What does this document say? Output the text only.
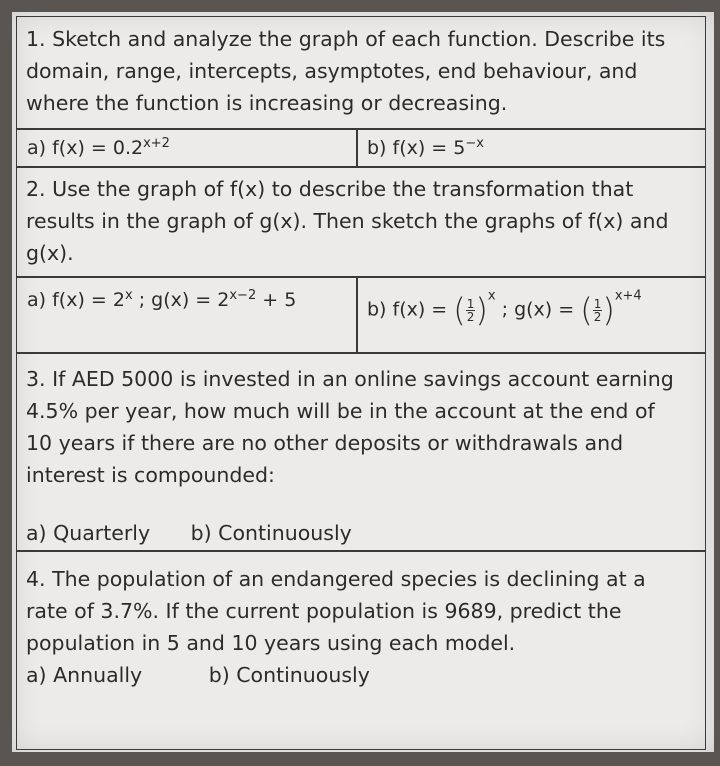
1. Sketch and analyze the graph of each function. Describe its

domain, range, intercepts, asymptotes, end behaviour, and

where the function is increasing or decreasing.

a) $f(x) = 0.2^{x+2}$	b) $f(x) = 5^{-x}$

2. Use the graph of f(x) to describe the transformation that

results in the graph of g(x). Then sketch the graphs of f(x) and

g(x).

a) $f(x) = 2^x$ ; $g(x) = 2^{x-2} + 5$	b) f(x) = ( $\frac{1}{2} )^x$ ; g(x) = ( $\frac{1}{2} )^{x+4}$

3. If AED 5000 is invested in an online savings account earning

4.5% per year, how much will be in the account at the end of

10 years if there are no other deposits or withdrawals and

interest is compounded:

a) Quarterly b) Continuously

4. The population of an endangered species is declining at a

rate of 3.7%. If the current population is 9689, predict the

population in 5 and 10 years using each model.

a) Annually	b) Continuously
